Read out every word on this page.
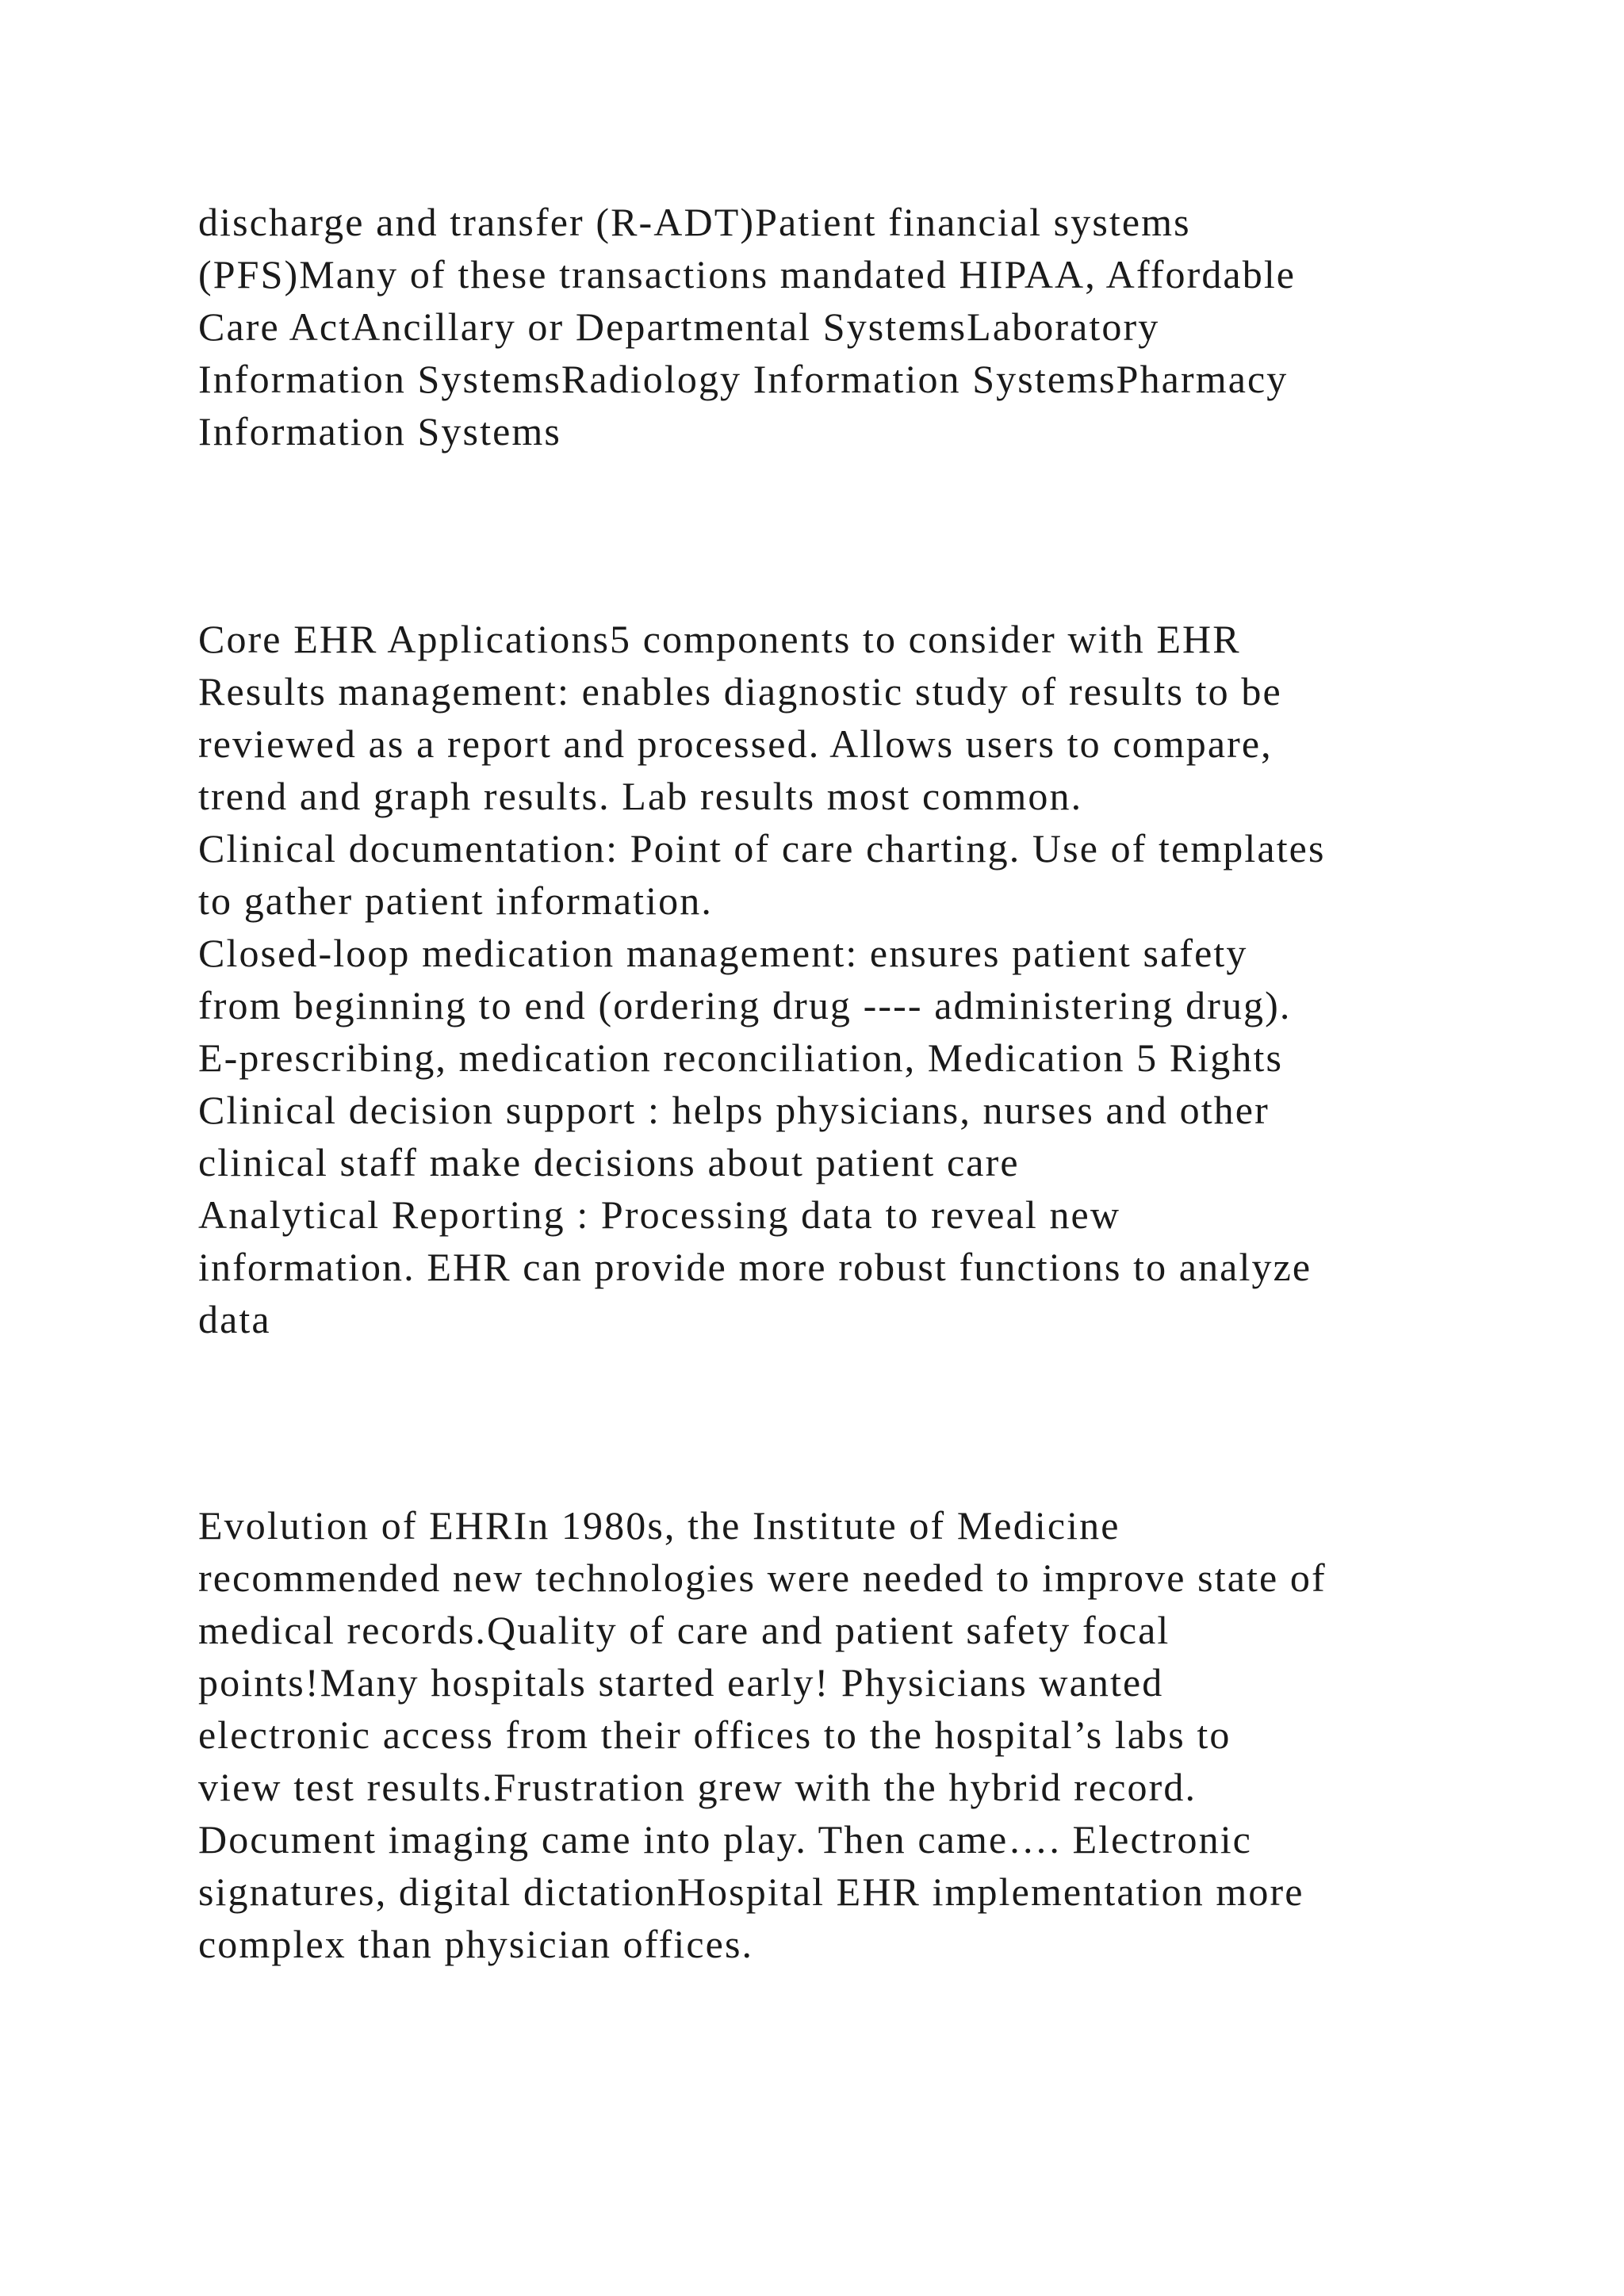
discharge and transfer (R-ADT)Patient financial systems
(PFS)Many of these transactions mandated HIPAA, Affordable
Care ActAncillary or Departmental SystemsLaboratory
Information SystemsRadiology Information SystemsPharmacy
Information Systems
Core EHR Applications5 components to consider with EHR
Results management: enables diagnostic study of results to be
reviewed as a report and processed. Allows users to compare,
trend and graph results. Lab results most common.
Clinical documentation: Point of care charting. Use of templates
to gather patient information.
Closed-loop medication management: ensures patient safety
from beginning to end (ordering drug ---- administering drug).
E-prescribing, medication reconciliation, Medication 5 Rights
Clinical decision support : helps physicians, nurses and other
clinical staff make decisions about patient care
Analytical Reporting : Processing data to reveal new
information. EHR can provide more robust functions to analyze
data
Evolution of EHRIn 1980s, the Institute of Medicine
recommended new technologies were needed to improve state of
medical records.Quality of care and patient safety focal
points!Many hospitals started early! Physicians wanted
electronic access from their offices to the hospital’s labs to
view test results.Frustration grew with the hybrid record.
Document imaging came into play. Then came…. Electronic
signatures, digital dictationHospital EHR implementation more
complex than physician offices.
